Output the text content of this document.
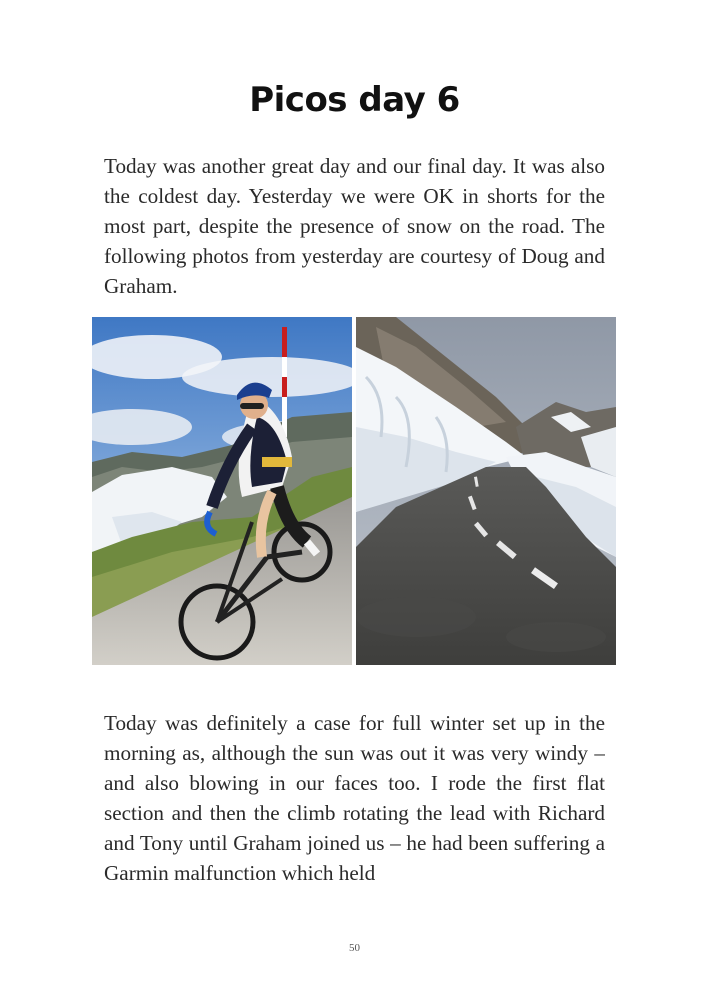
Picos day 6

Today was another great day and our final day. It was also the coldest day. Yesterday we were OK in shorts for the most part, despite the presence of snow on the road. The following photos from yesterday are courtesy of Doug and Graham.

Today was definitely a case for full winter set up in the morning as, although the sun was out it was very windy – and also blowing in our faces too. I rode the first flat section and then the climb rotating the lead with Richard and Tony until Graham joined us – he had been suffering a Garmin malfunction which held

50
